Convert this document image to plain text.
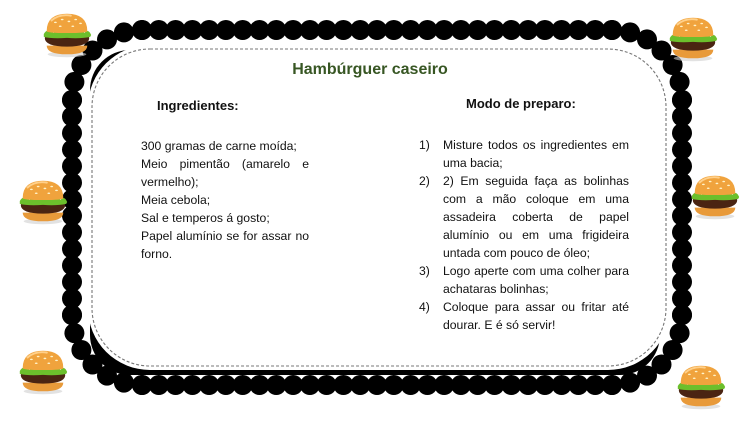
Hambúrguer caseiro
Ingredientes:
300 gramas de carne moída;
Meio pimentão (amarelo e vermelho);
Meia cebola;
Sal e temperos á gosto;
Papel alumínio se for assar no forno.
Modo de preparo:
1) Misture todos os ingredientes em uma bacia;
2) 2) Em seguida faça as bolinhas com a mão coloque em uma assadeira coberta de papel alumínio ou em uma frigideira untada com pouco de óleo;
3) Logo aperte com uma colher para achataras bolinhas;
4) Coloque para assar ou fritar até dourar. E é só servir!
